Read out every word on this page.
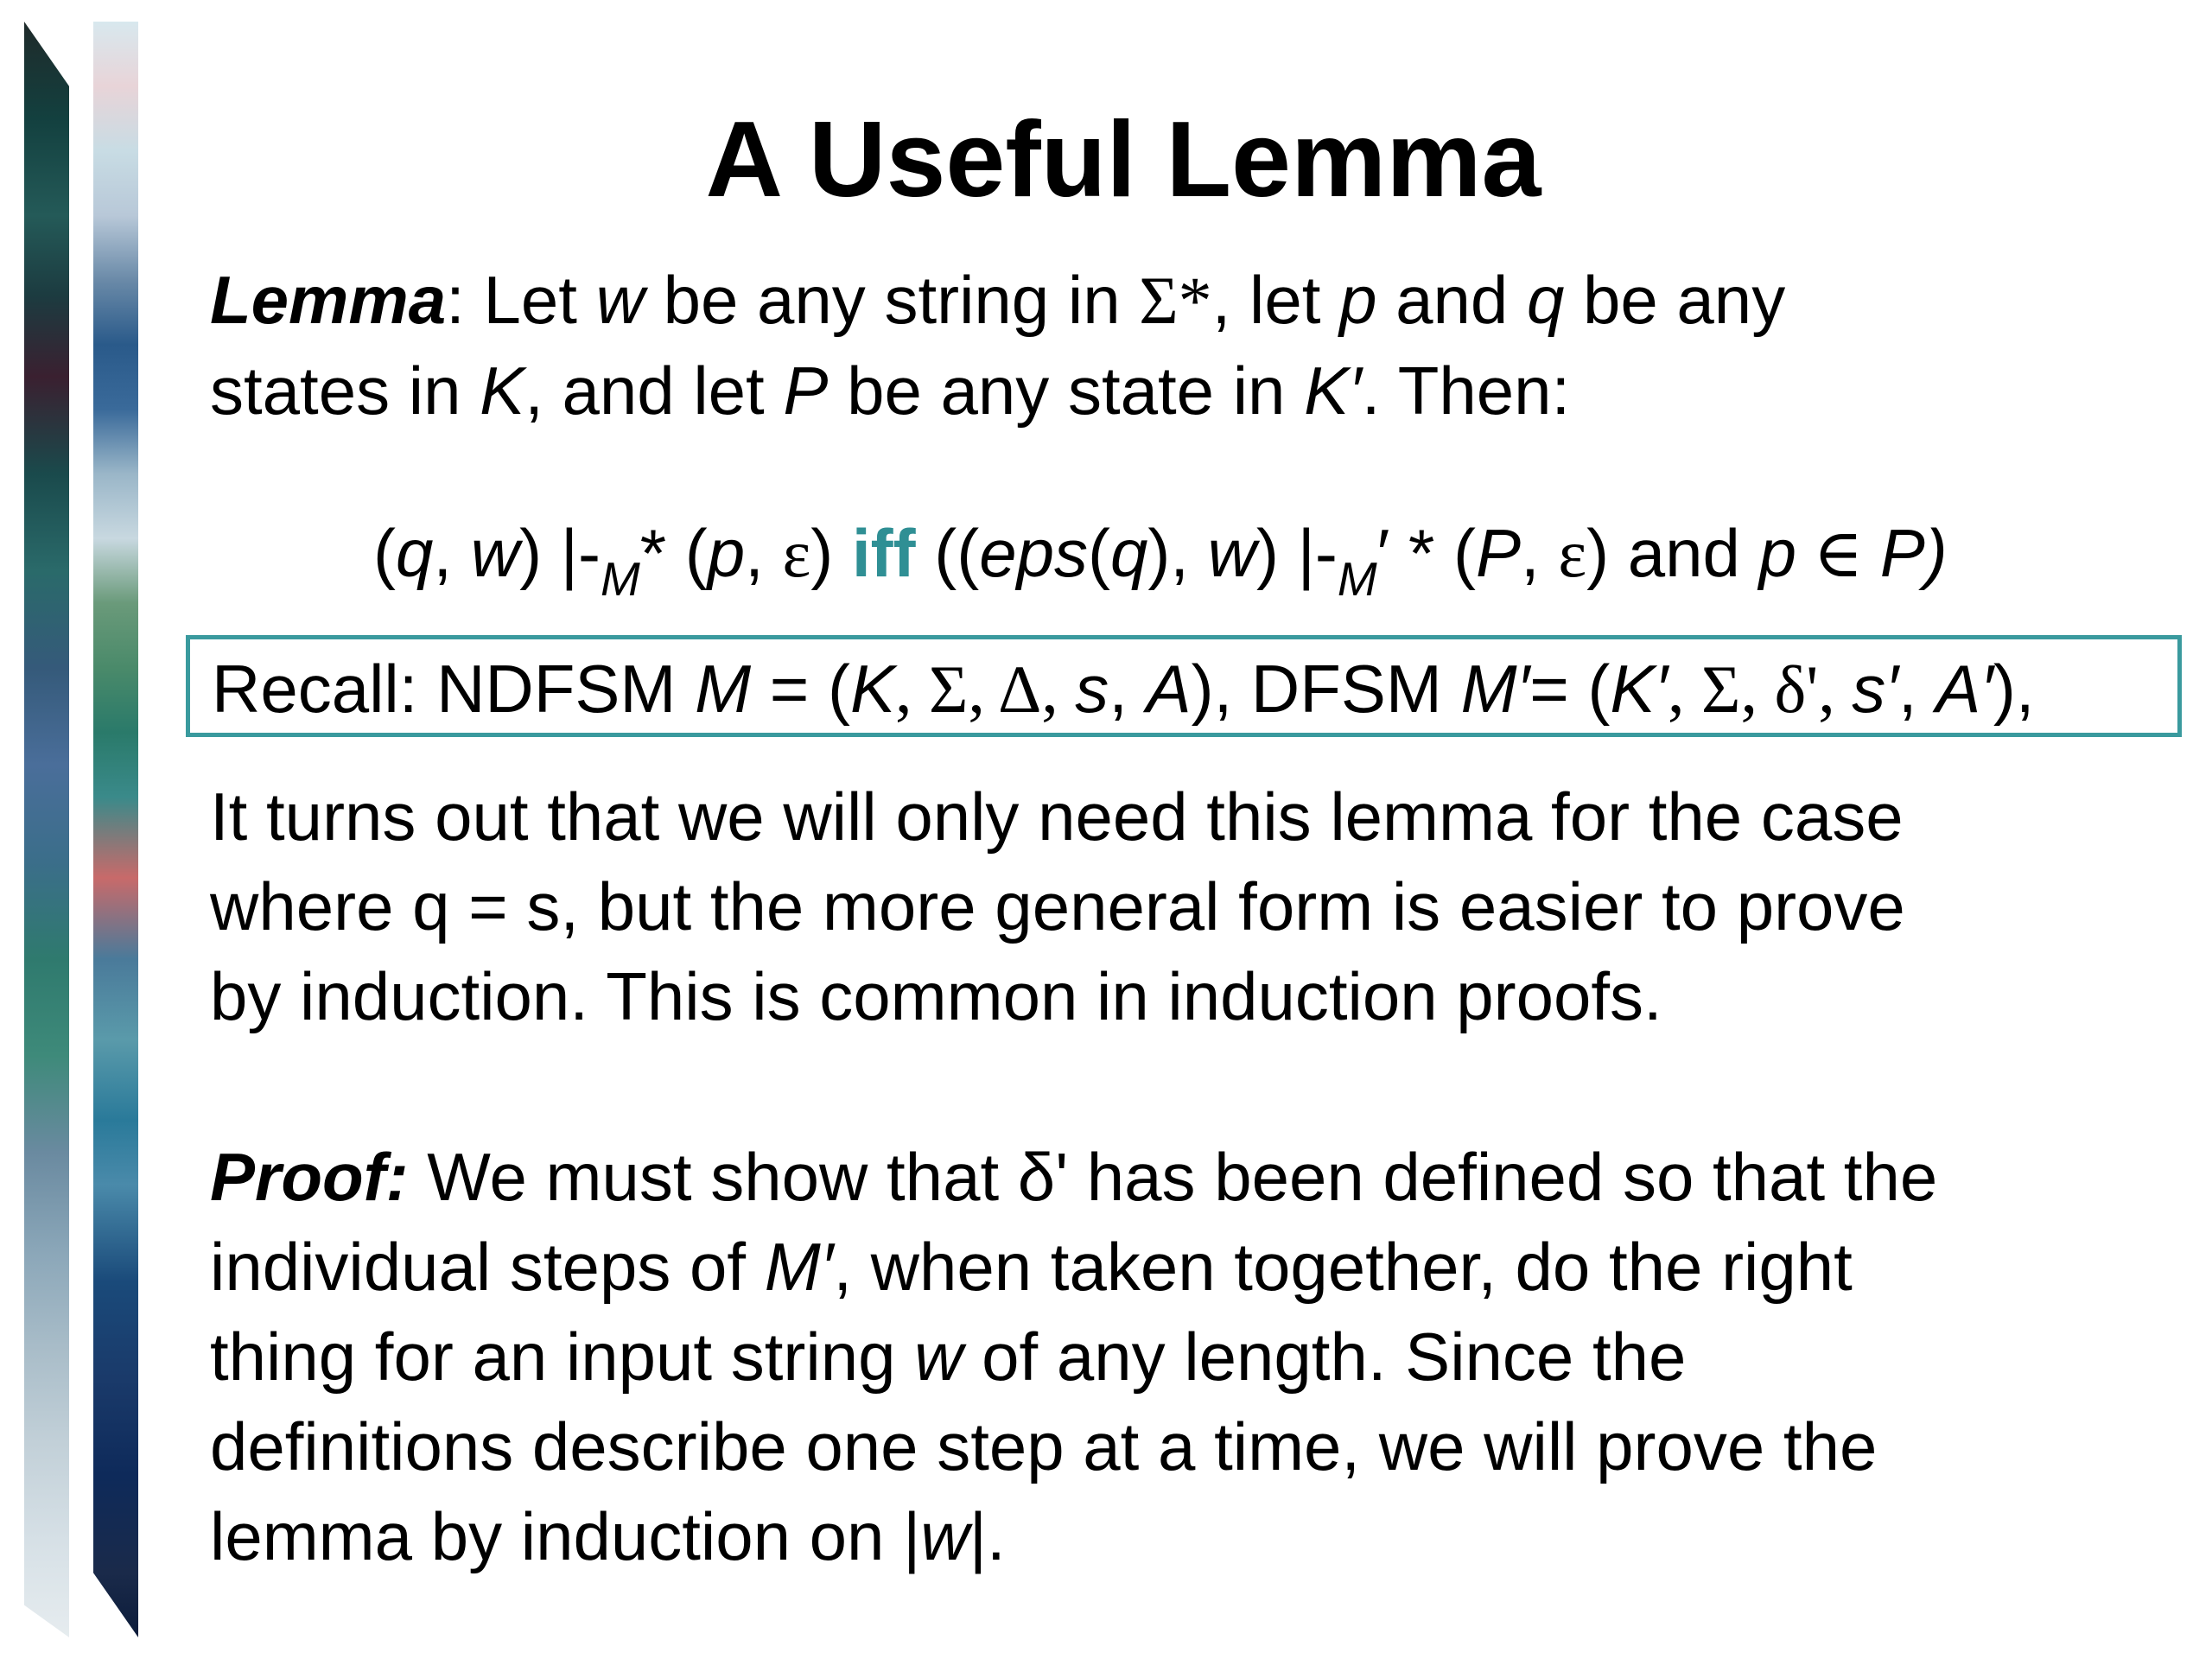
A Useful Lemma
Lemma: Let w be any string in Σ*, let p and q be any
states in K, and let P be any state in K′. Then:
(q, w) $|-_M*$ (p, ε) iff ((eps(q), w) $|-_M' * (P$, ε) and p ∈ P)
Recall: NDFSM M = (K, Σ, Δ, s, A), DFSM M′= (K′, Σ, δ', s′, A′),
It turns out that we will only need this lemma for the case
where q = s, but the more general form is easier to prove
by induction. This is common in induction proofs.
Proof: We must show that δ' has been defined so that the
individual steps of M′, when taken together, do the right
thing for an input string w of any length. Since the
definitions describe one step at a time, we will prove the
lemma by induction on |w|.
